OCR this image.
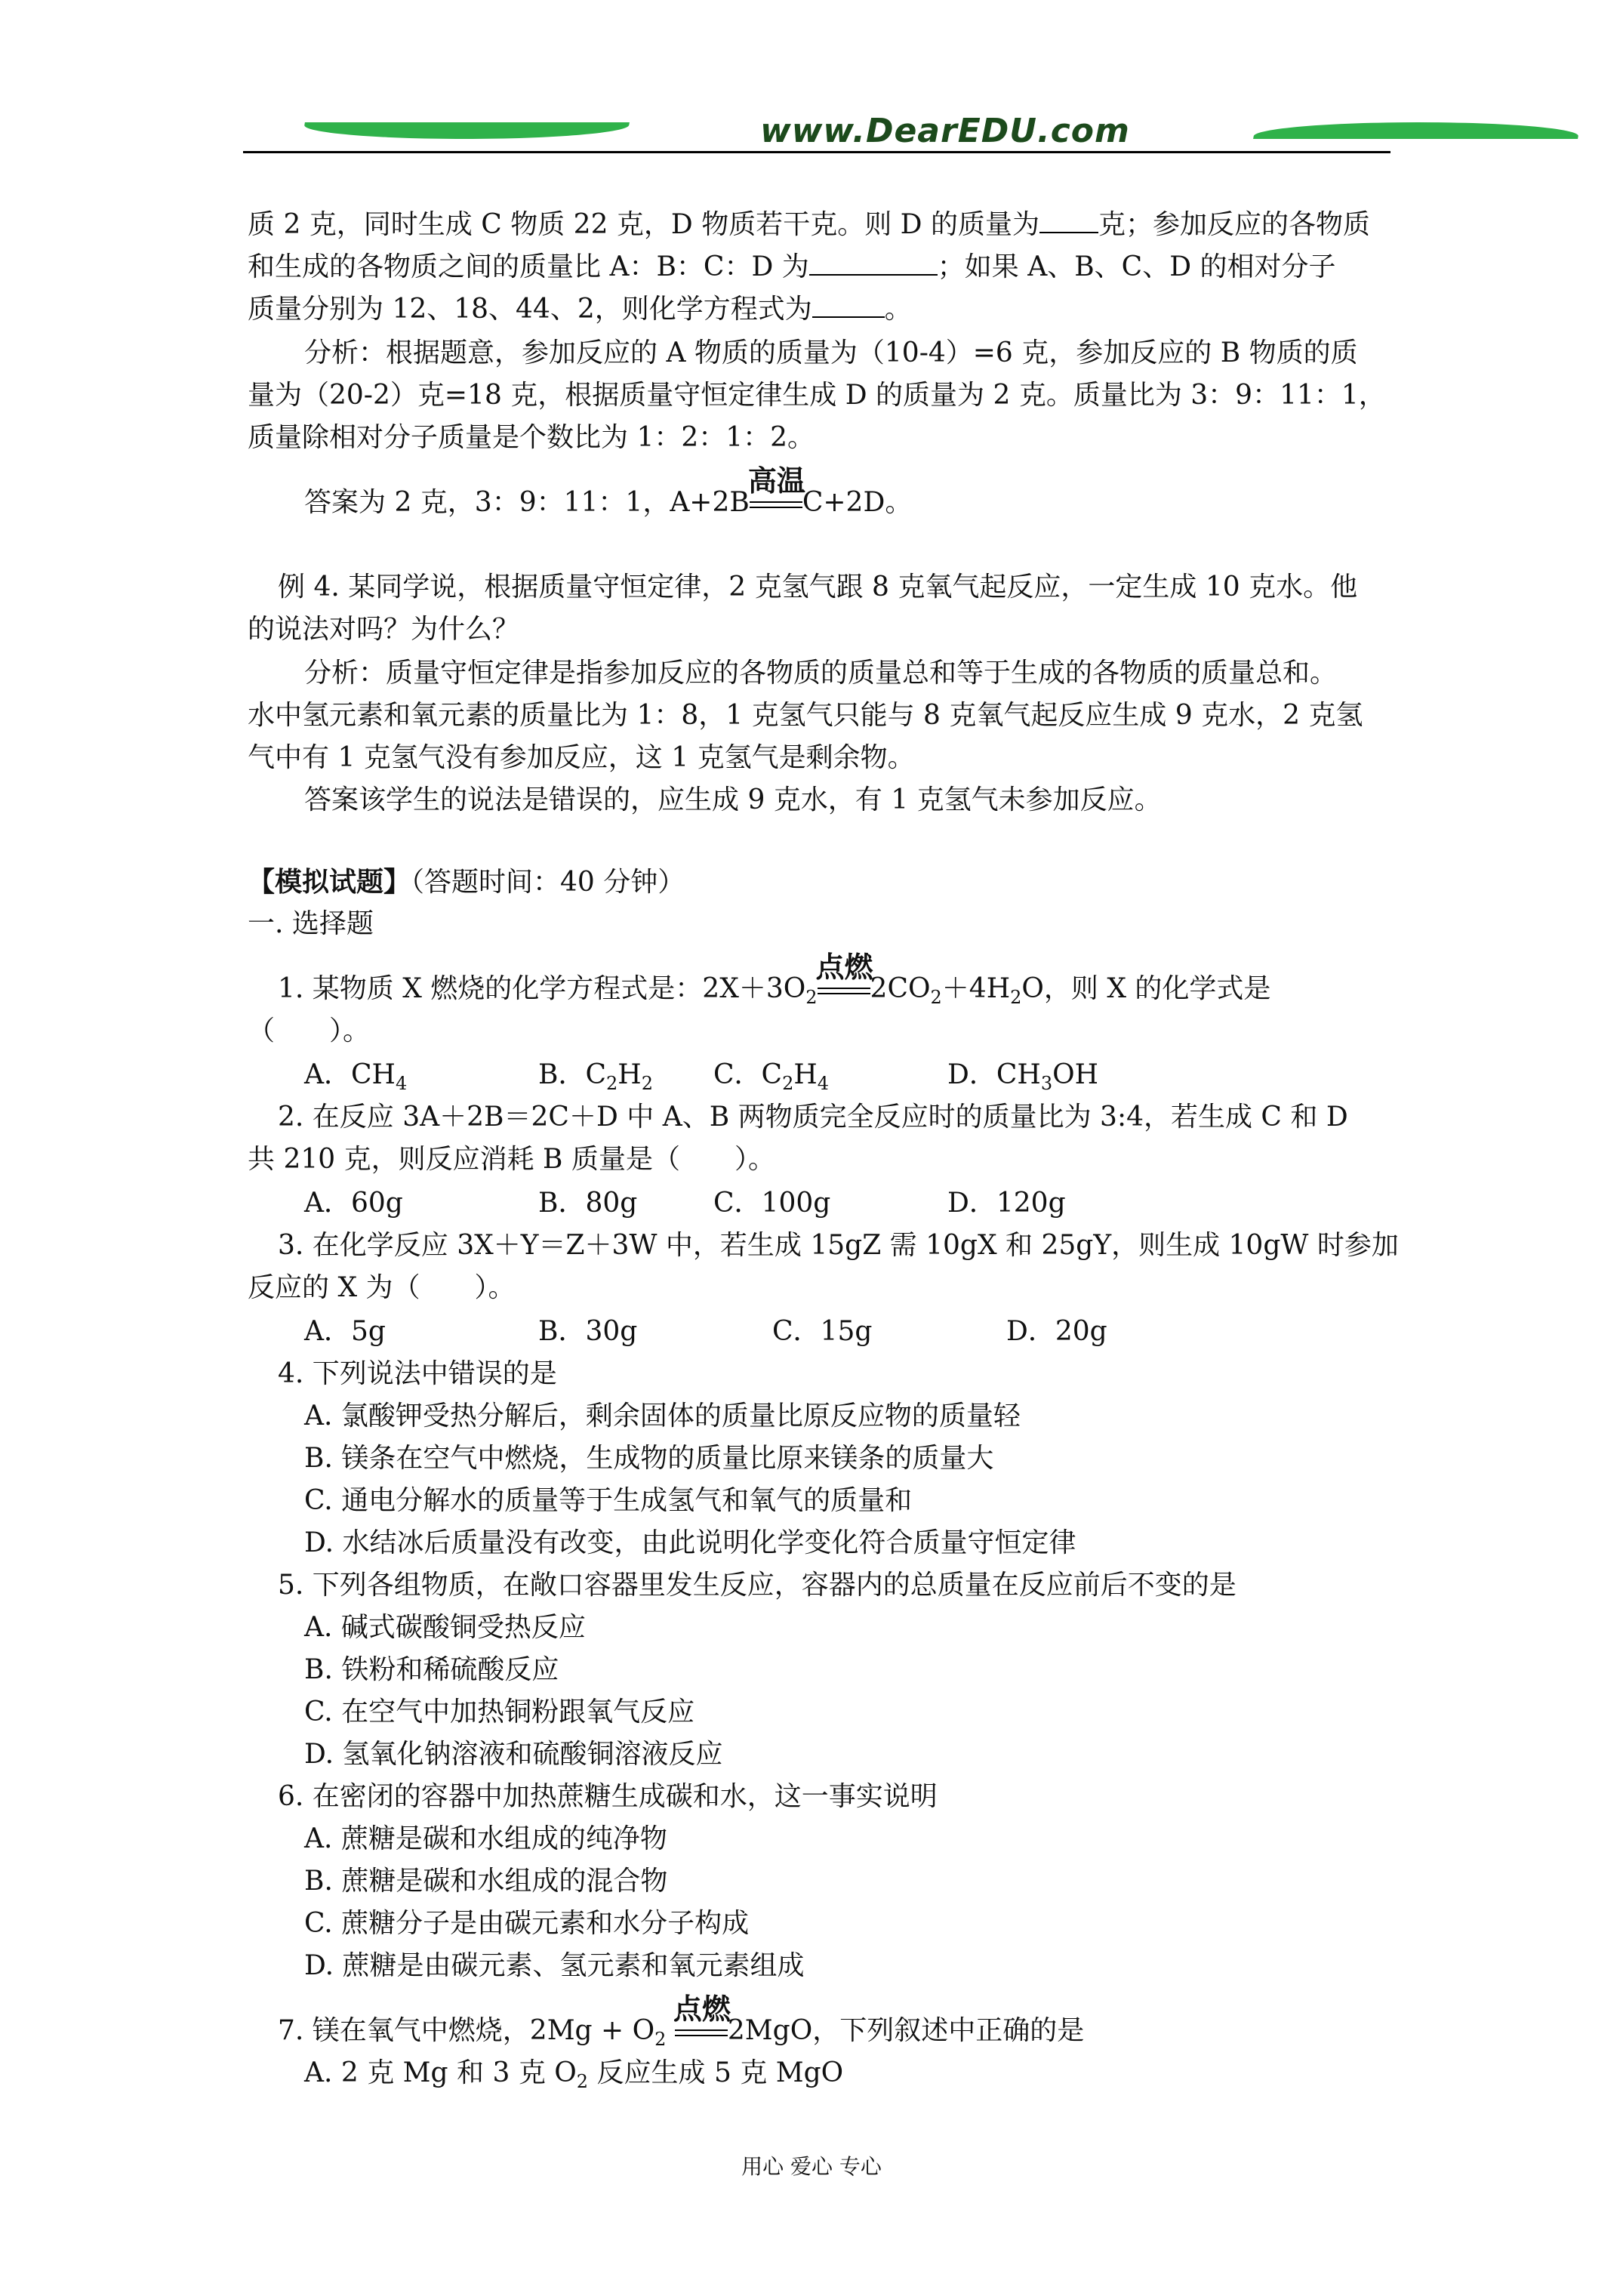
www.DearEDU.com
质 2 克，同时生成 C 物质 22 克，D 物质若干克。则 D 的质量为 克；参加反应的各物质
和生成的各物质之间的质量比 A：B：C：D 为	；如果 A、B、C、D 的相对分子
质量分别为 12、18、44、2，则化学方程式为	。
分析：根据题意，参加反应的 A 物质的质量为（10-4）=6 克，参加反应的 B 物质的质
量为（20-2）克=18 克，根据质量守恒定律生成 D 的质量为 2 克。质量比为 3：9：11：1，
质量除相对分子质量是个数比为 1：2：1：2。
答案为 2 克，3：9：11：1，A+2B
高温
C+2D。
例 4. 某同学说，根据质量守恒定律，2 克氢气跟 8 克氧气起反应，一定生成 10 克水。他
的说法对吗？为什么？
分析：质量守恒定律是指参加反应的各物质的质量总和等于生成的各物质的质量总和。
水中氢元素和氧元素的质量比为 1：8，1 克氢气只能与 8 克氧气起反应生成 9 克水，2 克氢
气中有 1 克氢气没有参加反应，这 1 克氢气是剩余物。
答案该学生的说法是错误的，应生成 9 克水，有 1 克氢气未参加反应。
【模拟试题】（答题时间：40 分钟）
一. 选择题
1. 某物质 X 燃烧的化学方程式是：$2X+3O_2$
点燃
$2CO_2+4H_2O$，则 X 的化学式是
（　　）。
A．$CH_4$	B．$C_2H_2$ C．$C_2H_4$	D．$CH_3OH$
2. 在反应 3A＋2B＝2C＋D 中 A、B 两物质完全反应时的质量比为 3:4，若生成 C 和 D
共 210 克，则反应消耗 B 质量是（　　）。
A．60g	B．80g	C．100g	D．120g
3. 在化学反应 3X＋Y＝Z＋3W 中，若生成 15gZ 需 10gX 和 25gY，则生成 10gW 时参加
反应的 X 为（　　）。
A．5g	B．30g	C．15g	D．20g
4. 下列说法中错误的是
A. 氯酸钾受热分解后，剩余固体的质量比原反应物的质量轻
B. 镁条在空气中燃烧，生成物的质量比原来镁条的质量大
C. 通电分解水的质量等于生成氢气和氧气的质量和
D. 水结冰后质量没有改变，由此说明化学变化符合质量守恒定律
5. 下列各组物质，在敞口容器里发生反应，容器内的总质量在反应前后不变的是
A. 碱式碳酸铜受热反应
B. 铁粉和稀硫酸反应
C. 在空气中加热铜粉跟氧气反应
D. 氢氧化钠溶液和硫酸铜溶液反应
6. 在密闭的容器中加热蔗糖生成碳和水，这一事实说明
A. 蔗糖是碳和水组成的纯净物
B. 蔗糖是碳和水组成的混合物
C. 蔗糖分子是由碳元素和水分子构成
D. 蔗糖是由碳元素、氢元素和氧元素组成
7. 镁在氧气中燃烧，$2Mg + O_2$
点燃
2MgO，下列叙述中正确的是
A. 2 克 Mg 和 3 克 $O_2$ 反应生成 5 克 MgO
用心 爱心 专心
